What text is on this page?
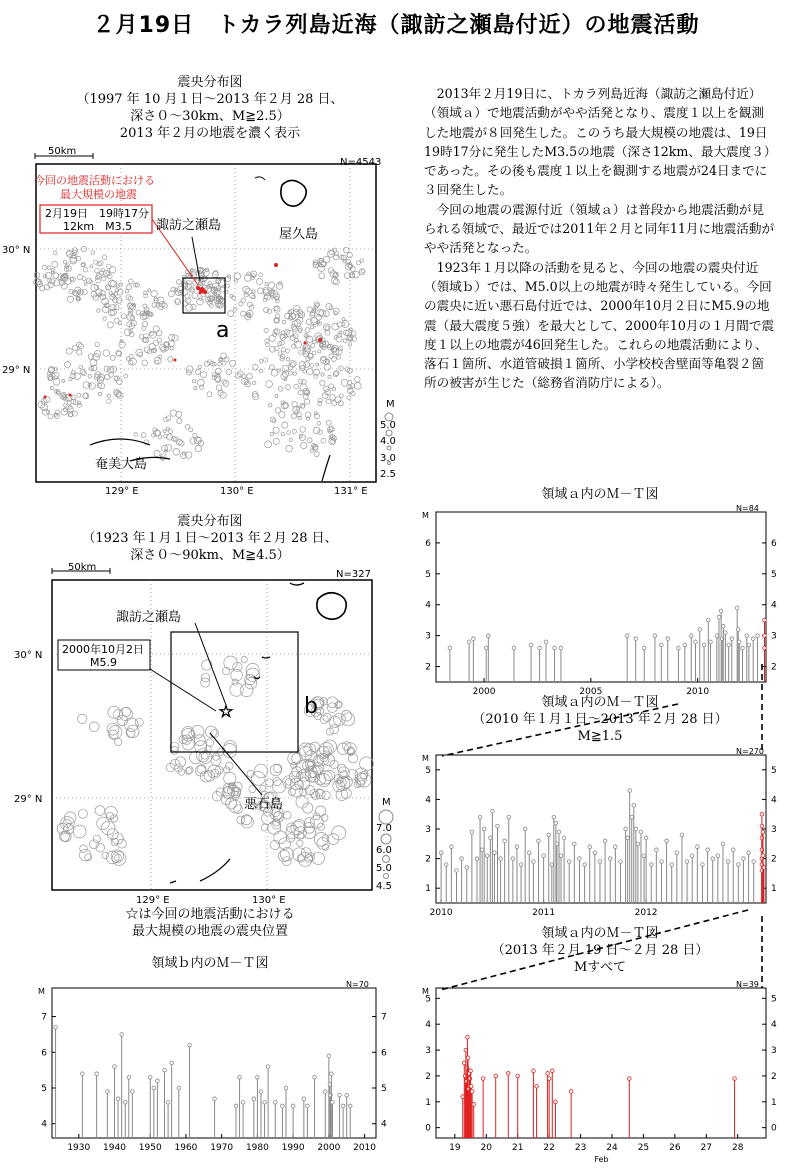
２月19日　トカラ列島近海（諏訪之瀬島付近）の地震活動
震央分布図
（1997 年 10 月１日～2013 年２月 28 日、
深さ０～30km、M≧2.5）
2013 年２月の地震を濃く表示
50km
a
今回の地震活動における
最大規模の地震
2月19日　19時17分
12km　M3.5 諏訪之瀬島
屋久島
奄美大島
30° N
29° N
129° E	130° E	131° E
N=4543
M
5.0
4.0
3.0
2.5

2013年２月19日に、トカラ列島近海（諏訪之瀬島付近）（領域ａ）で地震活動がやや活発となり、震度１以上を観測した地震が８回発生した。このうち最大規模の地震は、19日19時17分に発生したM3.5の地震（深さ12km、最大震度３）であった。その後も震度１以上を観測する地震が24日までに３回発生した。

今回の地震の震源付近（領域ａ）は普段から地震活動が見られる領域で、最近では2011年２月と同年11月に地震活動がやや活発となった。

1923年１月以降の活動を見ると、今回の地震の震央付近（領域ｂ）では、M5.0以上の地震が時々発生している。今回の震央に近い悪石島付近では、2000年10月２日にM5.9の地震（最大震度５強）を最大として、2000年10月の１月間で震度１以上の地震が46回発生した。これらの地震活動により、落石１箇所、水道管破損１箇所、小学校校舎壁面等亀裂２箇所の被害が生じた（総務省消防庁による）。

震央分布図
（1923 年１月１日～2013 年２月 28 日、
深さ０～90km、M≧4.5）
50km
b
☆
諏訪之瀬島
悪石島
2000年10月2日
M5.9
30° N
29° N
129° E	130° E
N=327
M
7.0
6.0
5.0
4.5
☆は今回の地震活動における
最大規模の地震の震央位置
領域ａ内のＭ－Ｔ図
M
N=84
2	2
3	3
4	4
5	5
6	6
2000	2005	2010
領域ａ内のＭ－Ｔ図
（2010 年１月１日～2013 年２月 28 日）
M≧1.5
M
N=270
1	1
2	2
3	3
4	4
5	5
2010	2011	2012
領域ａ内のＭ－Ｔ図
（2013 年２月 19 日～２月 28 日）
Mすべて
M
N=39
0	0
1	1
2	2
3	3
4	4
5	5
19 20 21 22 23 24 25 26 27 28
Feb
領域ｂ内のＭ－Ｔ図
M
N=70
4	4
5	5
6	6
7	7
1930 1940 1950 1960 1970 1980 1990 2000 2010
